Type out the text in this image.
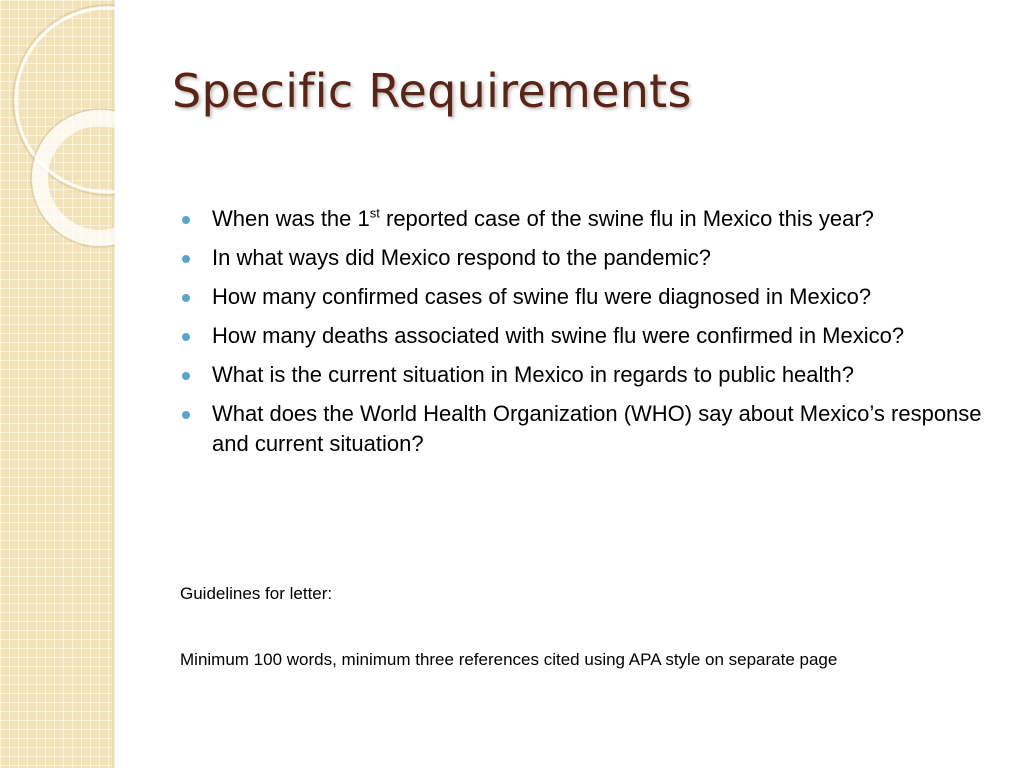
Specific Requirements
When was the 1st reported case of the swine flu in Mexico this year?
In what ways did Mexico respond to the pandemic?
How many confirmed cases of swine flu were diagnosed in Mexico?
How many deaths associated with swine flu were confirmed in Mexico?
What is the current situation in Mexico in regards to public health?
What does the World Health Organization (WHO) say about Mexico’s response and current situation?

Guidelines for letter:

Minimum 100 words, minimum three references cited using APA style on separate page
